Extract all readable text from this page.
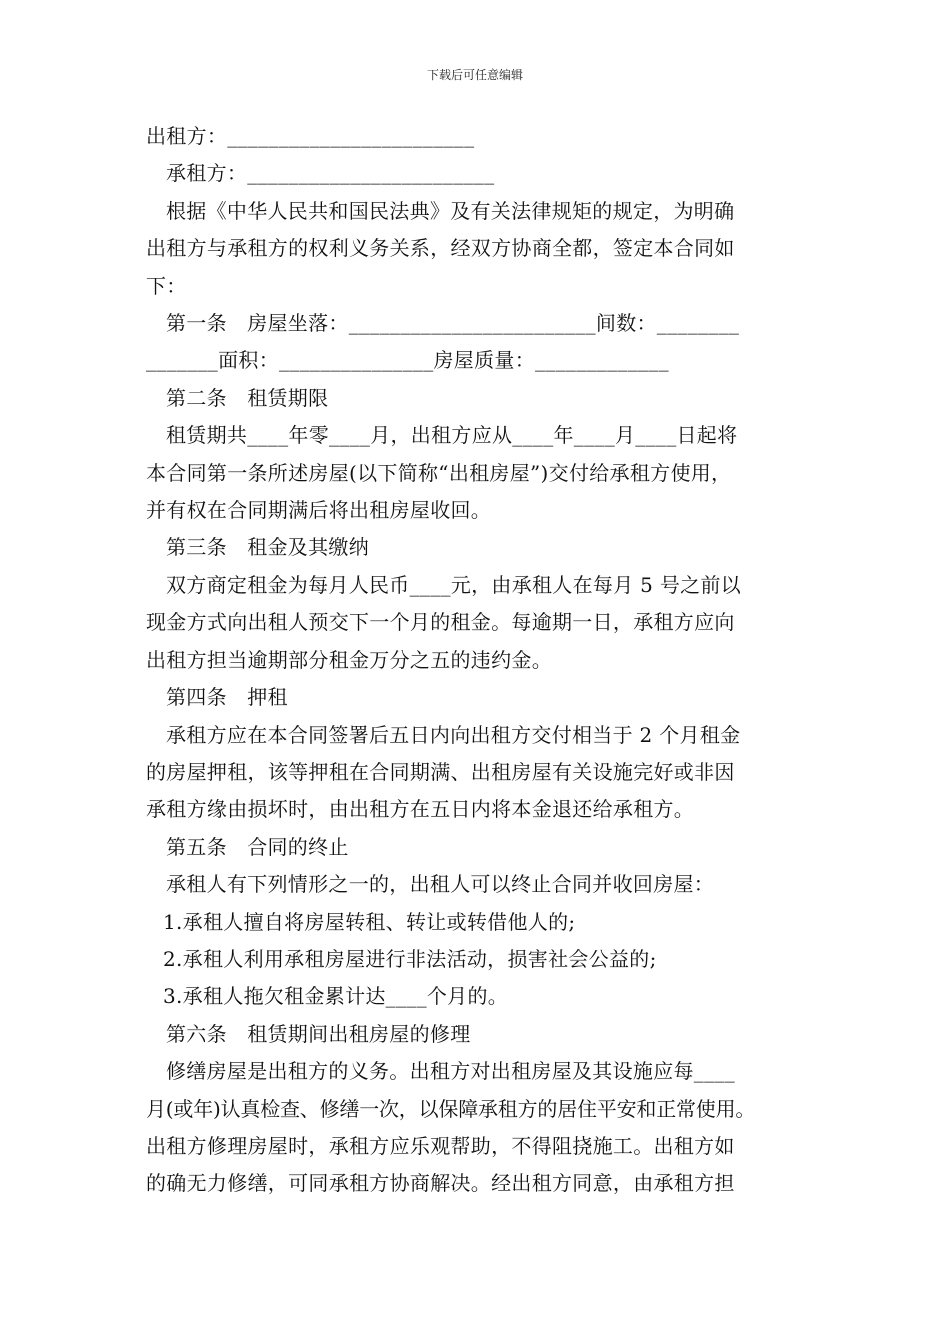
下载后可任意编辑
出租方：________________________
承租方：________________________
根据《中华人民共和国民法典》及有关法律规矩的规定，为明确
出租方与承租方的权利义务关系，经双方协商全都，签定本合同如
下：
第一条　房屋坐落：________________________间数：________
_______面积：_______________房屋质量：_____________
第二条　租赁期限
租赁期共____年零____月，出租方应从____年____月____日起将
本合同第一条所述房屋(以下简称“出租房屋”)交付给承租方使用，
并有权在合同期满后将出租房屋收回。
第三条　租金及其缴纳
双方商定租金为每月人民币____元，由承租人在每月 5 号之前以
现金方式向出租人预交下一个月的租金。每逾期一日，承租方应向
出租方担当逾期部分租金万分之五的违约金。
第四条　押租
承租方应在本合同签署后五日内向出租方交付相当于 2 个月租金
的房屋押租，该等押租在合同期满、出租房屋有关设施完好或非因
承租方缘由损坏时，由出租方在五日内将本金退还给承租方。
第五条　合同的终止
承租人有下列情形之一的，出租人可以终止合同并收回房屋：
1.承租人擅自将房屋转租、转让或转借他人的;
2.承租人利用承租房屋进行非法活动，损害社会公益的;
3.承租人拖欠租金累计达____个月的。
第六条　租赁期间出租房屋的修理
修缮房屋是出租方的义务。出租方对出租房屋及其设施应每____
月(或年)认真检查、修缮一次，以保障承租方的居住平安和正常使用。
出租方修理房屋时，承租方应乐观帮助，不得阻挠施工。出租方如
的确无力修缮，可同承租方协商解决。经出租方同意，由承租方担
